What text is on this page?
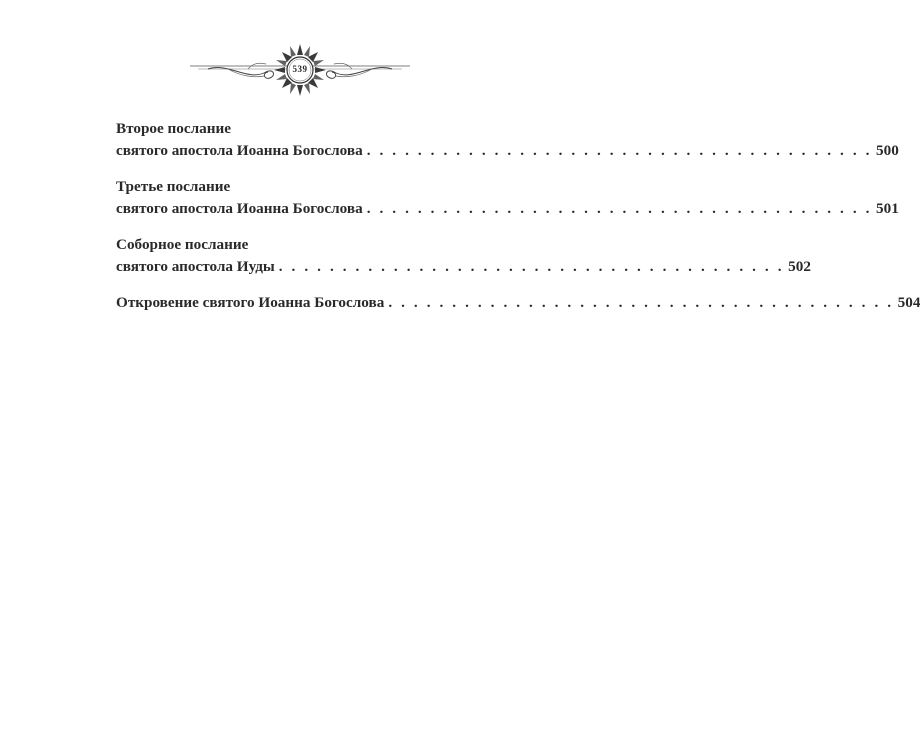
539
Второе послание
святого апостола Иоанна Богослова . . . . . . . . . . . . . . . . . . . . . . . . . . . . . . . . . . . . . . . . 500
Третье послание
святого апостола Иоанна Богослова . . . . . . . . . . . . . . . . . . . . . . . . . . . . . . . . . . . . . . . . 501
Соборное послание
святого апостола Иуды . . . . . . . . . . . . . . . . . . . . . . . . . . . . . . . . . . . . . . . . 502
Откровение святого Иоанна Богослова . . . . . . . . . . . . . . . . . . . . . . . . . . . . . . . . . . . . . . . . 504
